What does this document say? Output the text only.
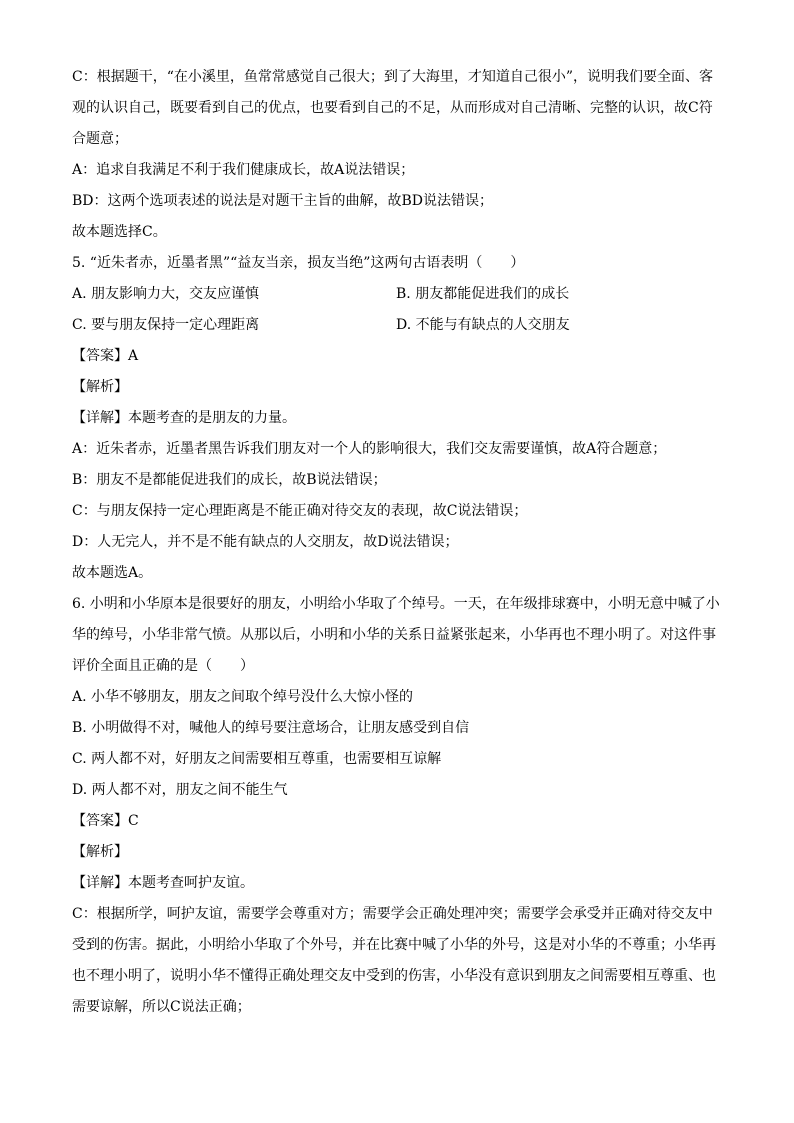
C：根据题干，“在小溪里，鱼常常感觉自己很大；到了大海里，才知道自己很小”，说明我们要全面、客
观的认识自己，既要看到自己的优点，也要看到自己的不足，从而形成对自己清晰、完整的认识，故C符
合题意；
A：追求自我满足不利于我们健康成长，故A说法错误；
BD：这两个选项表述的说法是对题干主旨的曲解，故BD说法错误；
故本题选择C。
5. “近朱者赤，近墨者黑”“益友当亲，损友当绝”这两句古语表明（　　）
A. 朋友影响力大，交友应谨慎	B. 朋友都能促进我们的成长
C. 要与朋友保持一定心理距离	D. 不能与有缺点的人交朋友
【答案】A
【解析】
【详解】本题考查的是朋友的力量。
A：近朱者赤，近墨者黑告诉我们朋友对一个人的影响很大，我们交友需要谨慎，故A符合题意；
B：朋友不是都能促进我们的成长，故B说法错误；
C：与朋友保持一定心理距离是不能正确对待交友的表现，故C说法错误；
D：人无完人，并不是不能有缺点的人交朋友，故D说法错误；
故本题选A。
6. 小明和小华原本是很要好的朋友，小明给小华取了个绰号。一天，在年级排球赛中，小明无意中喊了小
华的绰号，小华非常气愤。从那以后，小明和小华的关系日益紧张起来，小华再也不理小明了。对这件事
评价全面且正确的是（　　）
A. 小华不够朋友，朋友之间取个绰号没什么大惊小怪的
B. 小明做得不对，喊他人的绰号要注意场合，让朋友感受到自信
C. 两人都不对，好朋友之间需要相互尊重，也需要相互谅解
D. 两人都不对，朋友之间不能生气
【答案】C
【解析】
【详解】本题考查呵护友谊。
C：根据所学，呵护友谊，需要学会尊重对方；需要学会正确处理冲突；需要学会承受并正确对待交友中
受到的伤害。据此，小明给小华取了个外号，并在比赛中喊了小华的外号，这是对小华的不尊重；小华再
也不理小明了，说明小华不懂得正确处理交友中受到的伤害，小华没有意识到朋友之间需要相互尊重、也
需要谅解，所以C说法正确；
